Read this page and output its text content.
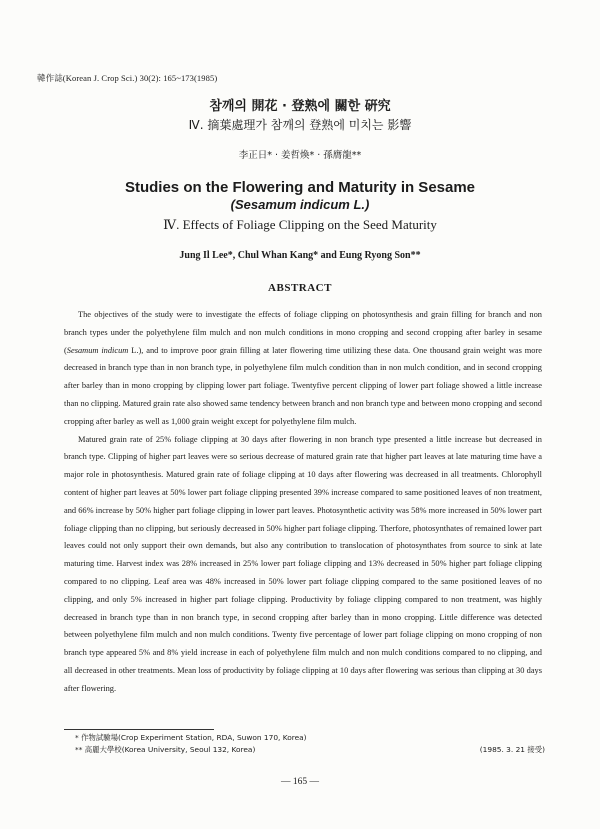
韓作誌(Korean J. Crop Sci.) 30(2): 165~173(1985)
참깨의 開花 · 登熟에 關한 硏究
Ⅳ. 摘葉處理가 참깨의 登熟에 미치는 影響
李正日* · 姜哲煥* · 孫膺龍**
Studies on the Flowering and Maturity in Sesame
(Sesamum indicum L.)
Ⅳ. Effects of Foliage Clipping on the Seed Maturity
Jung Il Lee*, Chul Whan Kang* and Eung Ryong Son**
ABSTRACT

The objectives of the study were to investigate the effects of foliage clipping on photosynthesis and grain filling for branch and non branch types under the polyethylene film mulch and non mulch conditions in mono cropping and second cropping after barley in sesame (Sesamum indicum L.), and to improve poor grain filling at later flowering time utilizing these data. One thousand grain weight was more decreased in branch type than in non branch type, in polyethylene film mulch condition than in non mulch condition, and in second cropping after barley than in mono cropping by clipping lower part foliage. Twentyfive percent clipping of lower part foliage showed a little increase than no clipping. Matured grain rate also showed same tendency between branch and non branch type and between mono cropping and second cropping after barley as well as 1,000 grain weight except for polyethylene film mulch.

Matured grain rate of 25% foliage clipping at 30 days after flowering in non branch type presented a little increase but decreased in branch type. Clipping of higher part leaves were so serious decrease of matured grain rate that higher part leaves at late maturing time have a major role in photosynthesis. Matured grain rate of foliage clipping at 10 days after flowering was decreased in all treatments. Chlorophyll content of higher part leaves at 50% lower part foliage clipping presented 39% increase compared to same positioned leaves of non treatment, and 66% increase by 50% higher part foliage clipping in lower part leaves. Photosynthetic activity was 58% more increased in 50% lower part foliage clipping than no clipping, but seriously decreased in 50% higher part foliage clipping. Therfore, photosynthates of remained lower part leaves could not only support their own demands, but also any contribution to translocation of photosynthates from source to sink at late maturing time. Harvest index was 28% increased in 25% lower part foliage clipping and 13% decreased in 50% higher part foliage clipping compared to no clipping. Leaf area was 48% increased in 50% lower part foliage clipping compared to the same positioned leaves of no clipping, and only 5% increased in higher part foliage clipping. Productivity by foliage clipping compared to non treatment, was highly decreased in branch type than in non branch type, in second cropping after barley than in mono cropping. Little difference was detected between polyethylene film mulch and non mulch conditions. Twenty five percentage of lower part foliage clipping on mono cropping of non branch type appeared 5% and 8% yield increase in each of polyethylene film mulch and non mulch conditions compared to no clipping, and all decreased in other treatments. Mean loss of productivity by foliage clipping at 10 days after flowering was serious than clipping at 30 days after flowering.

* 作物試驗場(Crop Experiment Station, RDA, Suwon 170, Korea)
** 高麗大學校(Korea University, Seoul 132, Korea)	(1985. 3. 21 接受)
— 165 —
